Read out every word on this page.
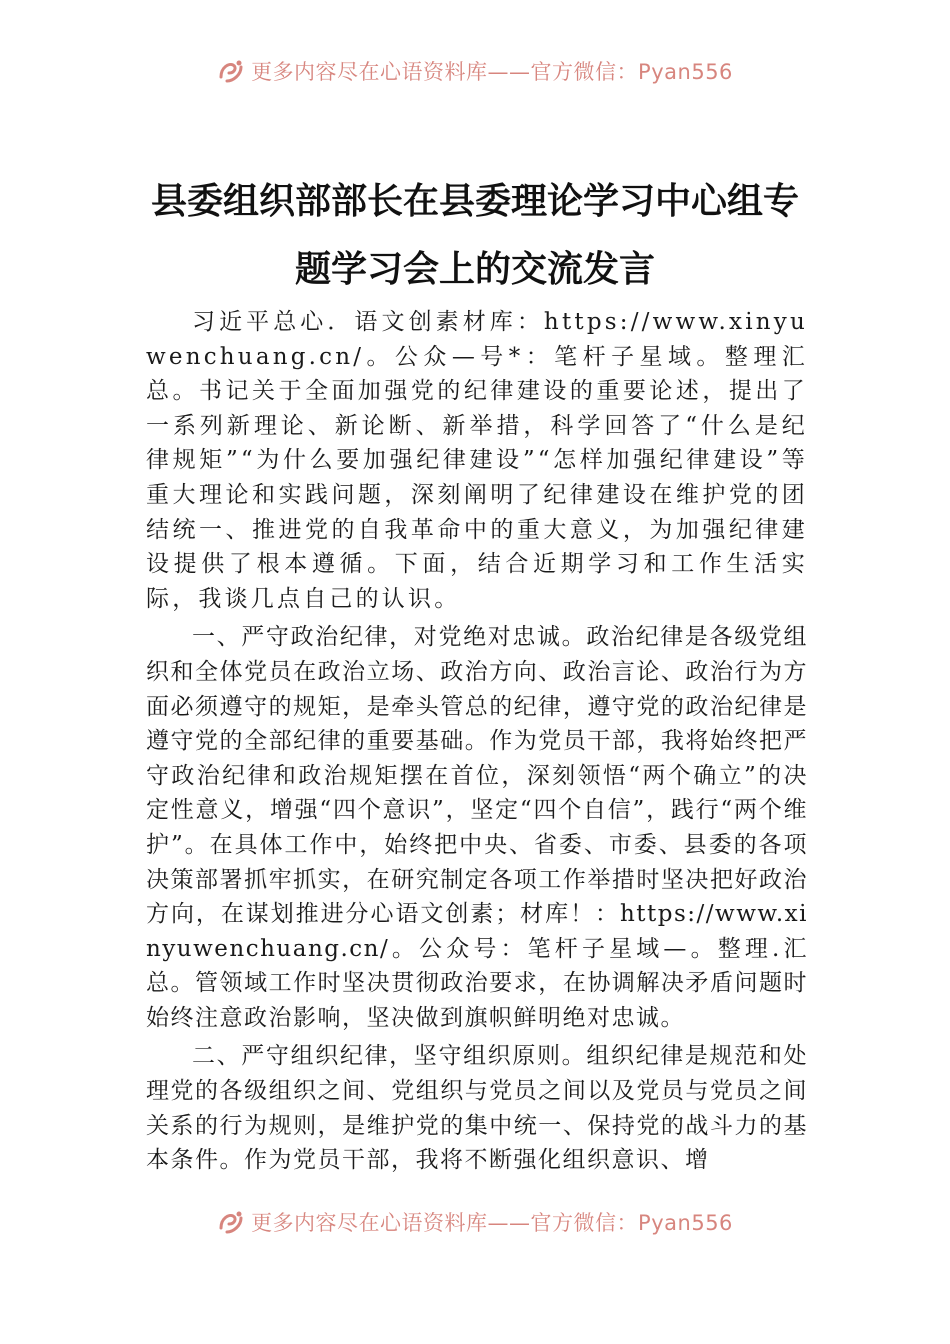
更多内容尽在心语资料库——官方微信：Pyan556
县委组织部部长在县委理论学习中心组专
题学习会上的交流发言

习近平总心．语文创素材库：https://www.xinyuwenchuang.cn/。公众—号*：笔杆子星域。整理汇总。书记关于全面加强党的纪律建设的重要论述，提出了一系列新理论、新论断、新举措，科学回答了“什么是纪律规矩”“为什么要加强纪律建设”“怎样加强纪律建设”等重大理论和实践问题，深刻阐明了纪律建设在维护党的团结统一、推进党的自我革命中的重大意义，为加强纪律建设提供了根本遵循。下面，结合近期学习和工作生活实际，我谈几点自己的认识。

一、严守政治纪律，对党绝对忠诚。政治纪律是各级党组织和全体党员在政治立场、政治方向、政治言论、政治行为方面必须遵守的规矩，是牵头管总的纪律，遵守党的政治纪律是遵守党的全部纪律的重要基础。作为党员干部，我将始终把严守政治纪律和政治规矩摆在首位，深刻领悟“两个确立”的决定性意义，增强“四个意识”，坚定“四个自信”，践行“两个维护”。在具体工作中，始终把中央、省委、市委、县委的各项决策部署抓牢抓实，在研究制定各项工作举措时坚决把好政治方向，在谋划推进分心语文创素；材库！：https://www.xinyuwenchuang.cn/。公众号：笔杆子星域—。整理.汇总。管领域工作时坚决贯彻政治要求，在协调解决矛盾问题时始终注意政治影响，坚决做到旗帜鲜明绝对忠诚。

二、严守组织纪律，坚守组织原则。组织纪律是规范和处理党的各级组织之间、党组织与党员之间以及党员与党员之间关系的行为规则，是维护党的集中统一、保持党的战斗力的基本条件。作为党员干部，我将不断强化组织意识、增

更多内容尽在心语资料库——官方微信：Pyan556
